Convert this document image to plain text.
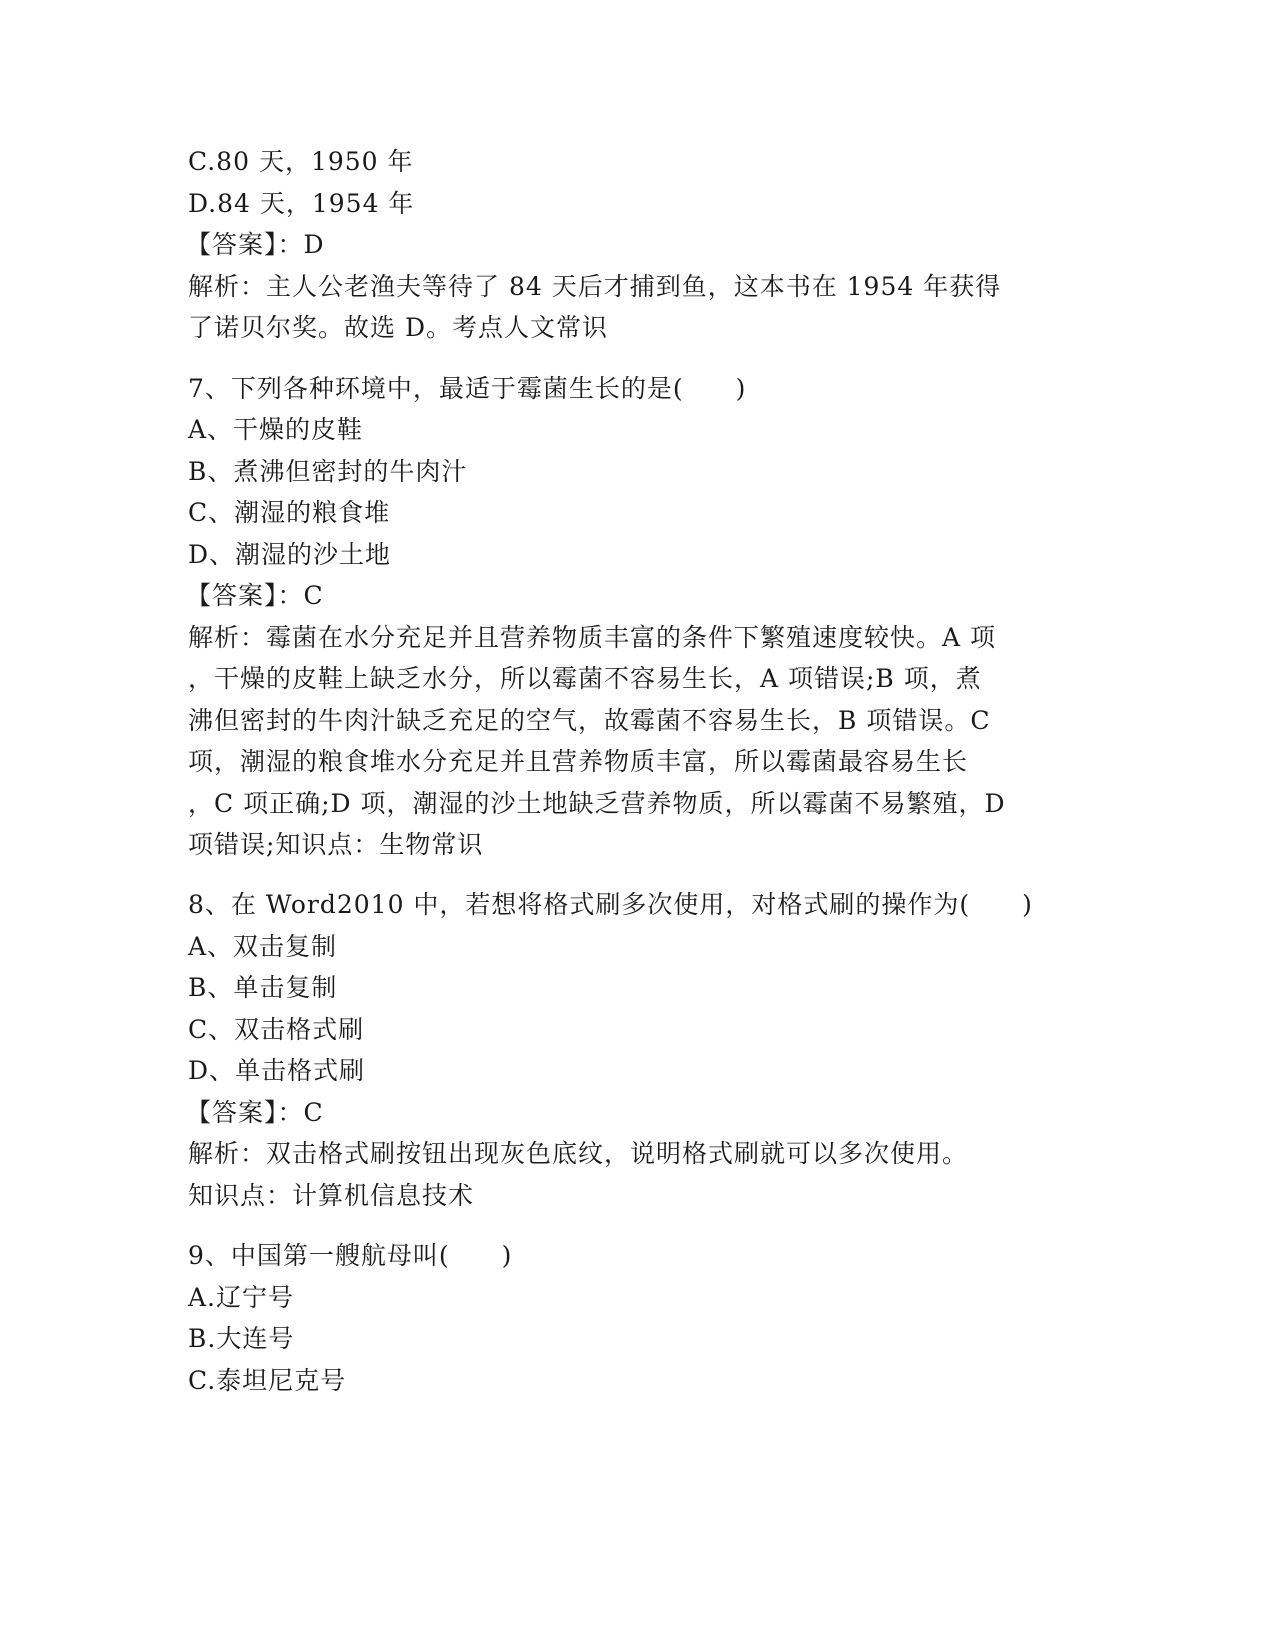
C.80 天，1950 年
D.84 天，1954 年
【答案】：D
解析：主人公老渔夫等待了 84 天后才捕到鱼，这本书在 1954 年获得
了诺贝尔奖。故选 D。考点人文常识
7、下列各种环境中，最适于霉菌生长的是(　　)
A、干燥的皮鞋
B、煮沸但密封的牛肉汁
C、潮湿的粮食堆
D、潮湿的沙土地
【答案】：C
解析：霉菌在水分充足并且营养物质丰富的条件下繁殖速度较快。A 项
，干燥的皮鞋上缺乏水分，所以霉菌不容易生长，A 项错误;B 项，煮
沸但密封的牛肉汁缺乏充足的空气，故霉菌不容易生长，B 项错误。C
项，潮湿的粮食堆水分充足并且营养物质丰富，所以霉菌最容易生长
，C 项正确;D 项，潮湿的沙土地缺乏营养物质，所以霉菌不易繁殖，D
项错误;知识点：生物常识
8、在 Word2010 中，若想将格式刷多次使用，对格式刷的操作为(　　)
A、双击复制
B、单击复制
C、双击格式刷
D、单击格式刷
【答案】：C
解析：双击格式刷按钮出现灰色底纹，说明格式刷就可以多次使用。
知识点：计算机信息技术
9、中国第一艘航母叫(　　)
A.辽宁号
B.大连号
C.泰坦尼克号
